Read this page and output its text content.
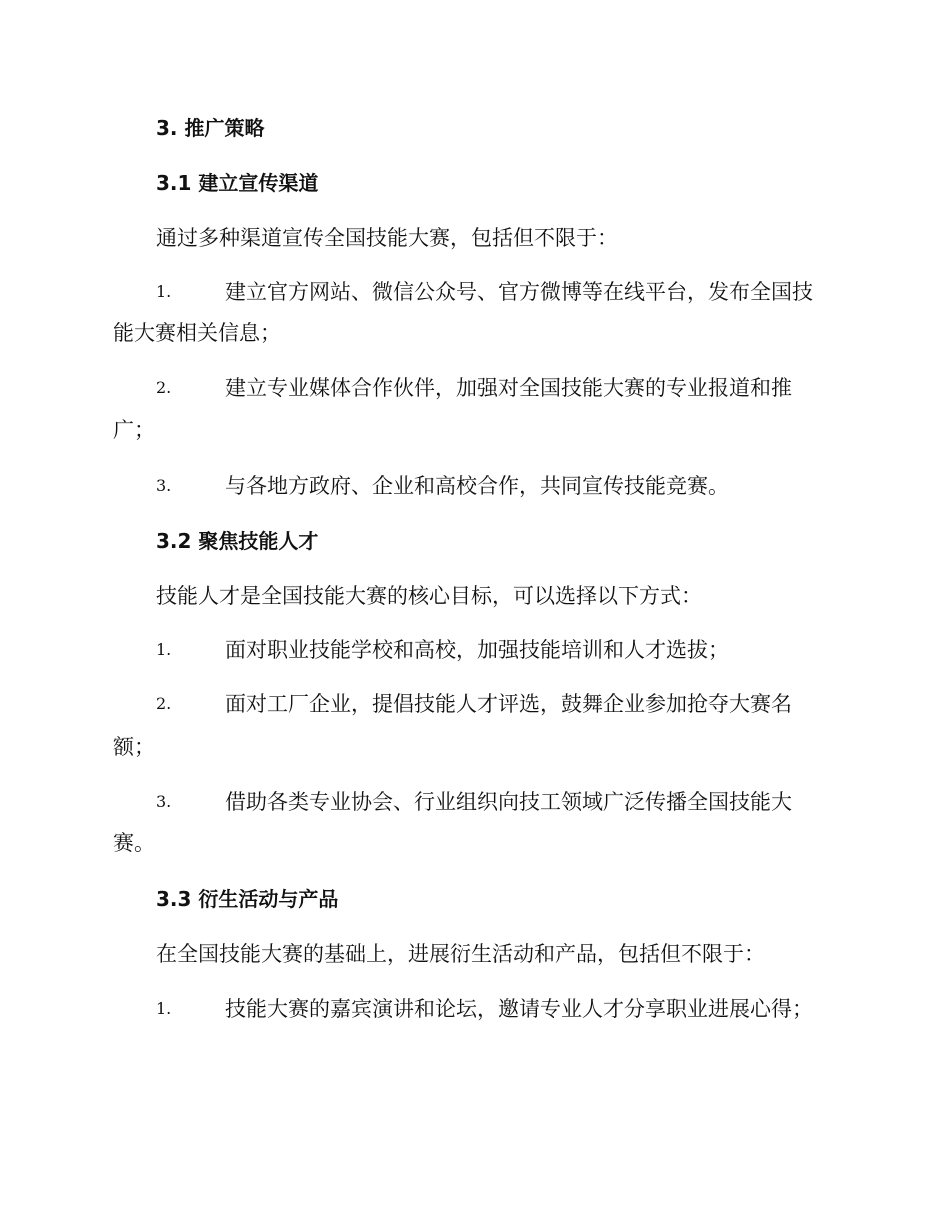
3. 推广策略
3.1 建立宣传渠道
通过多种渠道宣传全国技能大赛，包括但不限于：
1.	建立官方网站、微信公众号、官方微博等在线平台，发布全国技
能大赛相关信息；
2.	建立专业媒体合作伙伴，加强对全国技能大赛的专业报道和推
广；
3.	与各地方政府、企业和高校合作，共同宣传技能竞赛。
3.2 聚焦技能人才
技能人才是全国技能大赛的核心目标，可以选择以下方式：
1.	面对职业技能学校和高校，加强技能培训和人才选拔；
2.	面对工厂企业，提倡技能人才评选，鼓舞企业参加抢夺大赛名
额；
3.	借助各类专业协会、行业组织向技工领域广泛传播全国技能大
赛。
3.3 衍生活动与产品
在全国技能大赛的基础上，进展衍生活动和产品，包括但不限于：
1.	技能大赛的嘉宾演讲和论坛，邀请专业人才分享职业进展心得；
